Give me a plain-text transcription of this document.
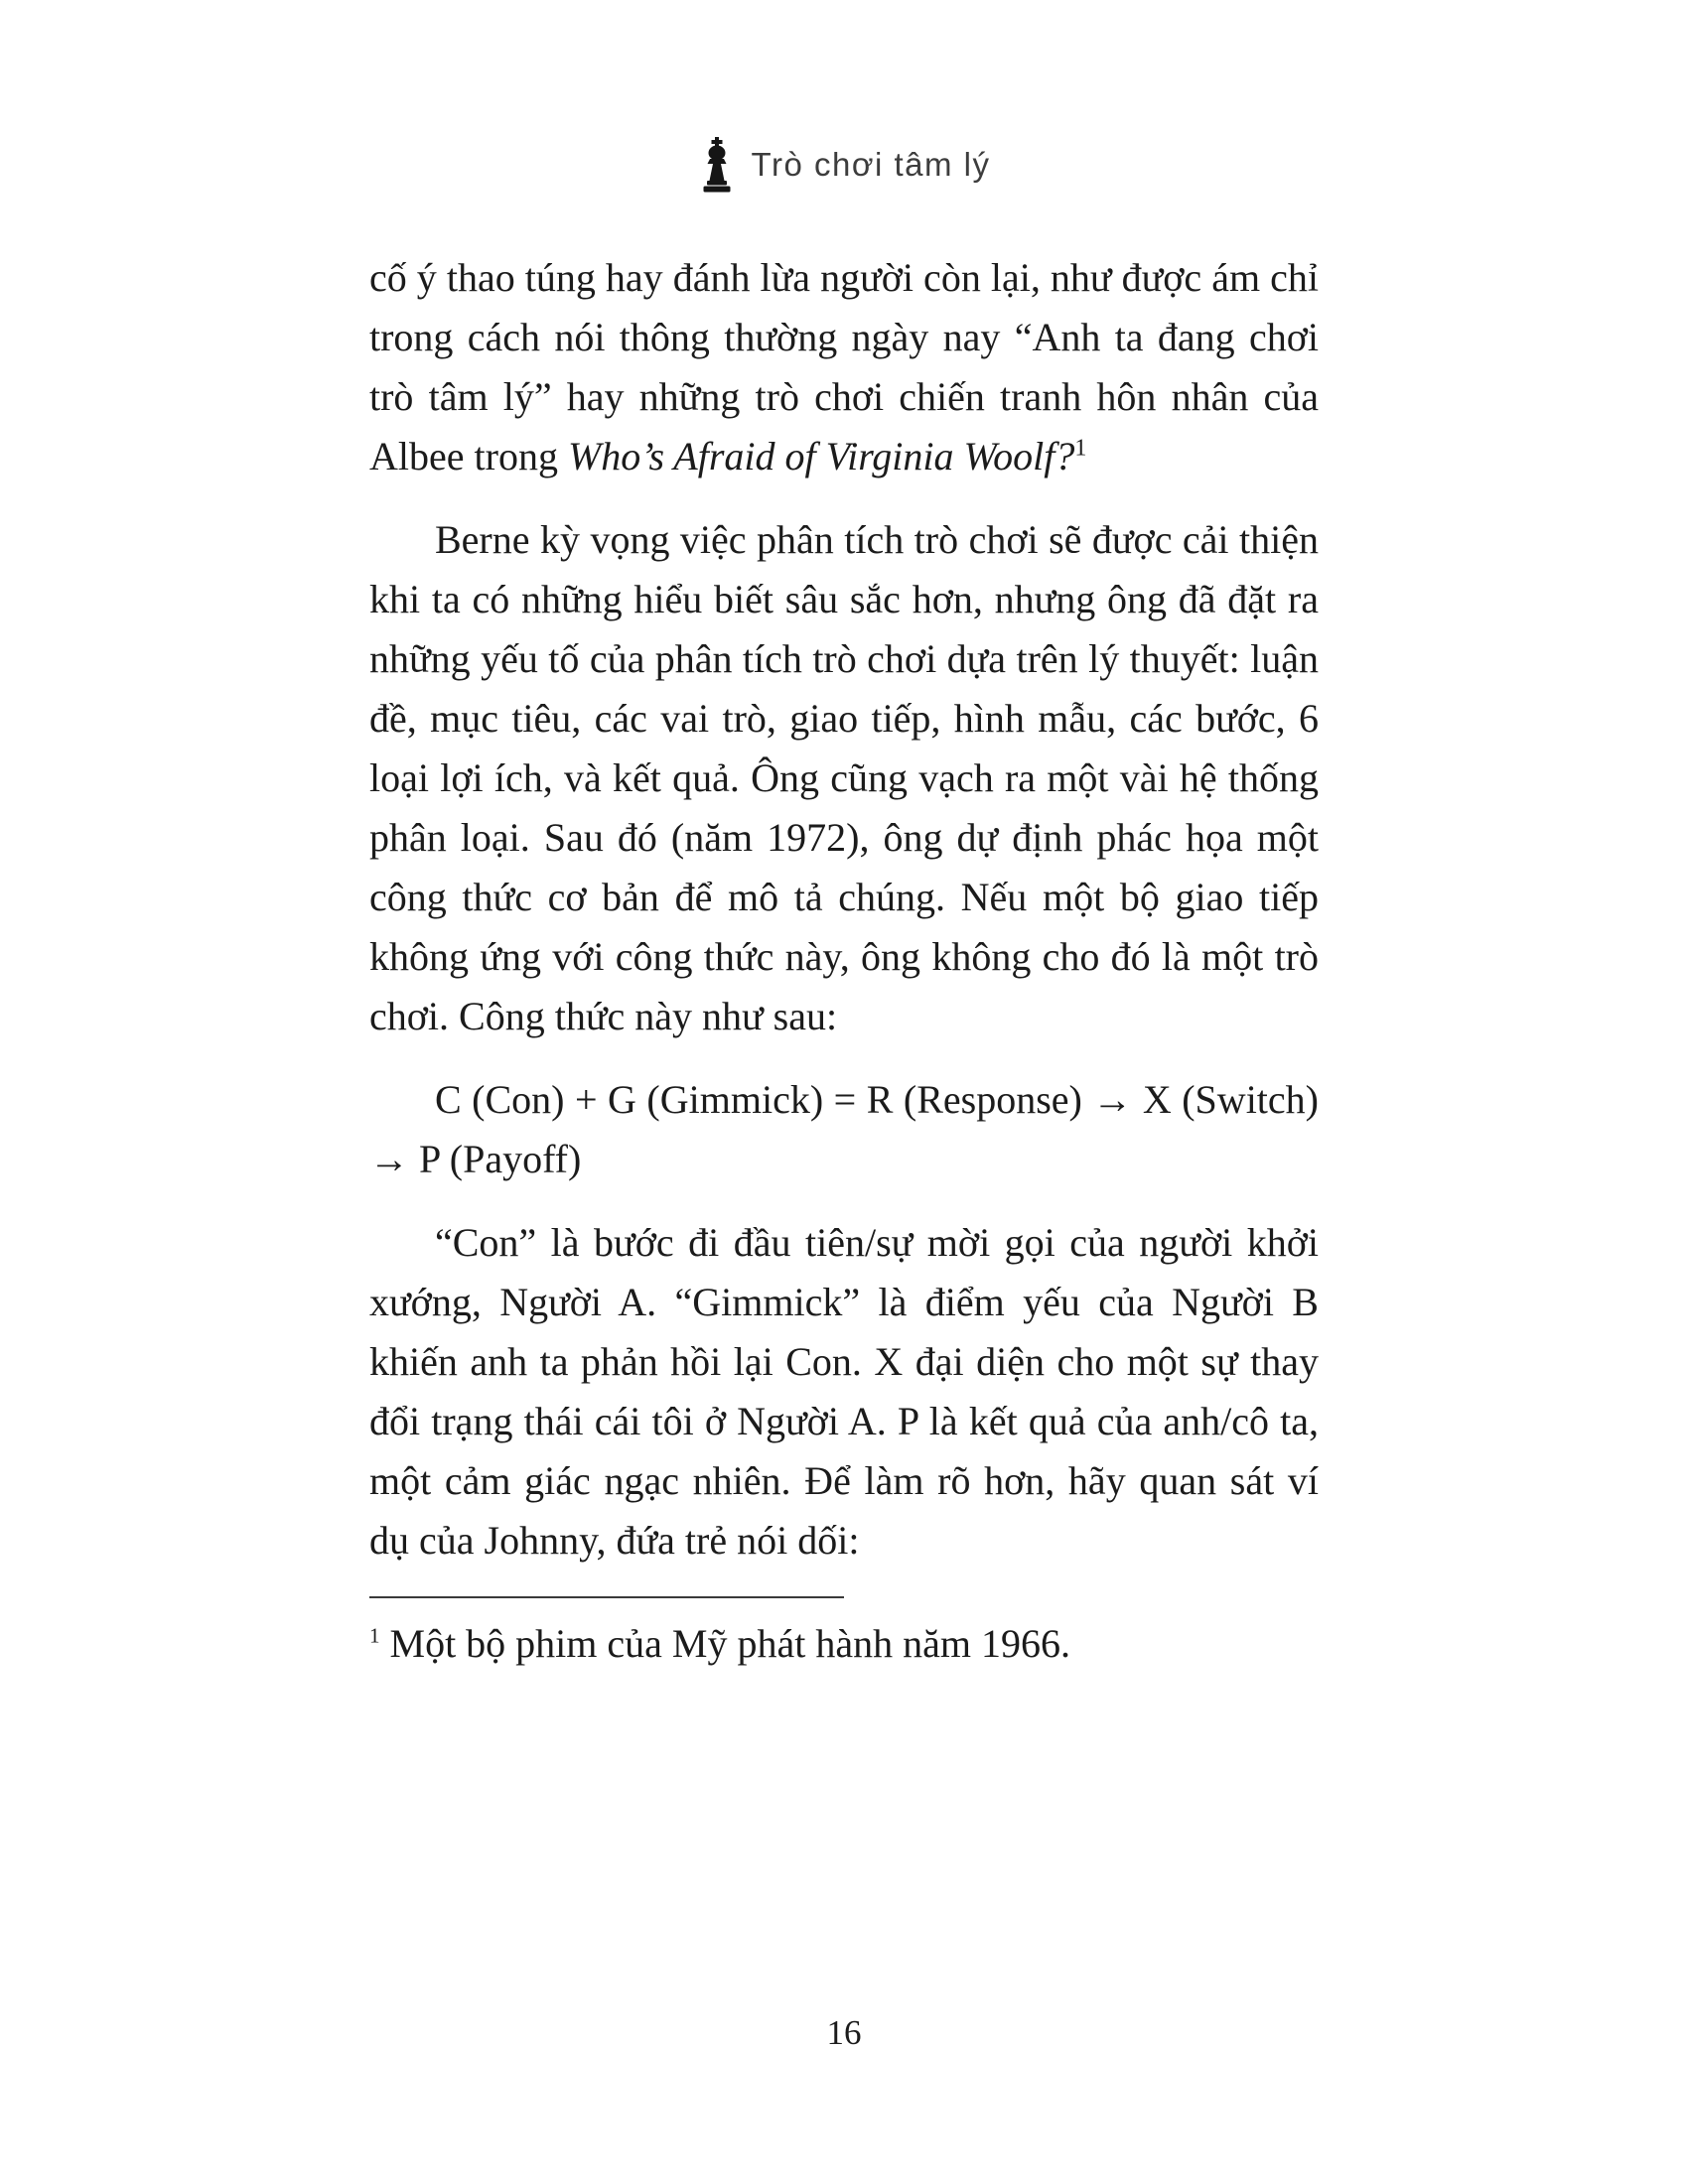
Trò chơi tâm lý

cố ý thao túng hay đánh lừa người còn lại, như được ám chỉ trong cách nói thông thường ngày nay “Anh ta đang chơi trò tâm lý” hay những trò chơi chiến tranh hôn nhân của Albee trong Who’s Afraid of Virginia Woolf?$^1$

Berne kỳ vọng việc phân tích trò chơi sẽ được cải thiện khi ta có những hiểu biết sâu sắc hơn, nhưng ông đã đặt ra những yếu tố của phân tích trò chơi dựa trên lý thuyết: luận đề, mục tiêu, các vai trò, giao tiếp, hình mẫu, các bước, 6 loại lợi ích, và kết quả. Ông cũng vạch ra một vài hệ thống phân loại. Sau đó (năm 1972), ông dự định phác họa một công thức cơ bản để mô tả chúng. Nếu một bộ giao tiếp không ứng với công thức này, ông không cho đó là một trò chơi. Công thức này như sau:

C (Con) + G (Gimmick) = R (Response) → X (Switch) → P (Payoff)

“Con” là bước đi đầu tiên/sự mời gọi của người khởi xướng, Người A. “Gimmick” là điểm yếu của Người B khiến anh ta phản hồi lại Con. X đại diện cho một sự thay đổi trạng thái cái tôi ở Người A. P là kết quả của anh/cô ta, một cảm giác ngạc nhiên. Để làm rõ hơn, hãy quan sát ví dụ của Johnny, đứa trẻ nói dối:

$^1$ Một bộ phim của Mỹ phát hành năm 1966.

16
